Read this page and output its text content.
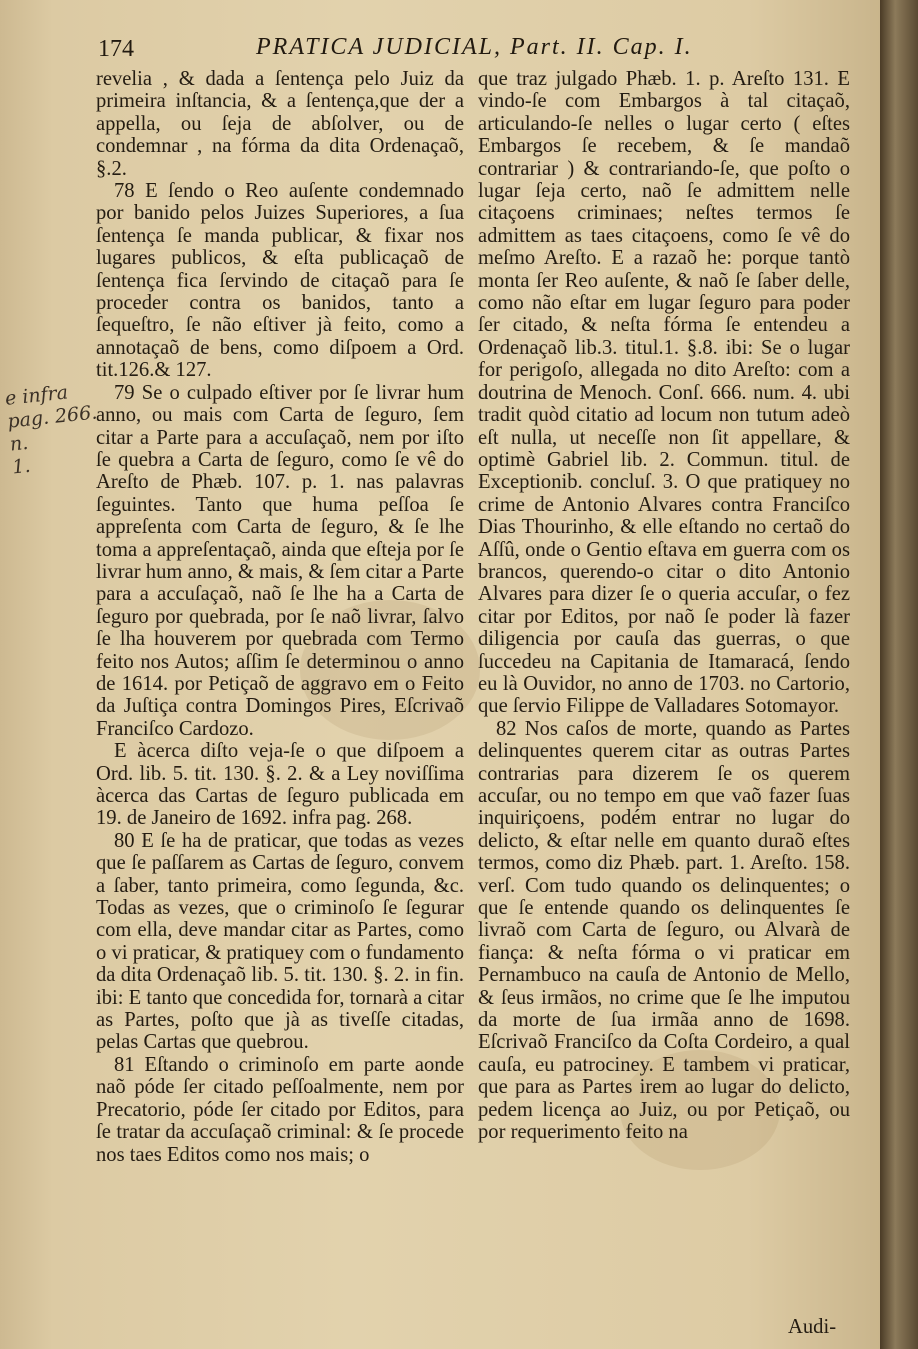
174	PRATICA JUDICIAL, Part. II. Cap. I.
e infra
pag. 266. n.
1.

revelia , & dada a ſentença pelo Juiz da primeira inſtancia, & a ſentença,que der a appella, ou ſeja de abſolver, ou de condemnar , na fórma da dita Ordenaçaõ, §.2.

78 E ſendo o Reo auſente condemnado por banido pelos Juizes Superiores, a ſua ſentença ſe manda publicar, & fixar nos lugares publicos, & eſta publicaçaõ de ſentença fica ſervindo de citaçaõ para ſe proceder contra os banidos, tanto a ſequeſtro, ſe não eſtiver jà feito, como a annotaçaõ de bens, como diſpoem a Ord. tit.126.& 127.

79 Se o culpado eſtiver por ſe livrar hum anno, ou mais com Carta de ſeguro, ſem citar a Parte para a accuſaçaõ, nem por iſto ſe quebra a Carta de ſeguro, como ſe vê do Areſto de Phæb. 107. p. 1. nas palavras ſeguintes. Tanto que huma peſſoa ſe appreſenta com Carta de ſeguro, & ſe lhe toma a appreſentaçaõ, ainda que eſteja por ſe livrar hum anno, & mais, & ſem citar a Parte para a accuſaçaõ, naõ ſe lhe ha a Carta de ſeguro por quebrada, por ſe naõ livrar, ſalvo ſe lha houverem por quebrada com Termo feito nos Autos; aſſim ſe determinou o anno de 1614. por Petiçaõ de aggravo em o Feito da Juſtiça contra Domingos Pires, Eſcrivaõ Franciſco Cardozo.

E àcerca diſto veja-ſe o que diſpoem a Ord. lib. 5. tit. 130. §. 2. & a Ley noviſſima àcerca das Cartas de ſeguro publicada em 19. de Janeiro de 1692. infra pag. 268.

80 E ſe ha de praticar, que todas as vezes que ſe paſſarem as Cartas de ſeguro, convem a ſaber, tanto primeira, como ſegunda, &c. Todas as vezes, que o criminoſo ſe ſegurar com ella, deve mandar citar as Partes, como o vi praticar, & pratiquey com o fundamento da dita Ordenaçaõ lib. 5. tit. 130. §. 2. in fin. ibi: E tanto que concedida for, tornarà a citar as Partes, poſto que jà as tiveſſe citadas, pelas Cartas que quebrou.

81 Eſtando o criminoſo em parte aonde naõ póde ſer citado peſſoalmente, nem por Precatorio, póde ſer citado por Editos, para ſe tratar da accuſaçaõ criminal: & ſe procede nos taes Editos como nos mais; o

que traz julgado Phæb. 1. p. Areſto 131. E vindo-ſe com Embargos à tal citaçaõ, articulando-ſe nelles o lugar certo ( eſtes Embargos ſe recebem, & ſe mandaõ contrariar ) & contrariando-ſe, que poſto o lugar ſeja certo, naõ ſe admittem nelle citaçoens criminaes; neſtes termos ſe admittem as taes citaçoens, como ſe vê do meſmo Areſto. E a razaõ he: porque tantò monta ſer Reo auſente, & naõ ſe ſaber delle, como não eſtar em lugar ſeguro para poder ſer citado, & neſta fórma ſe entendeu a Ordenaçaõ lib.3. titul.1. §.8. ibi: Se o lugar for perigoſo, allegada no dito Areſto: com a doutrina de Menoch. Conſ. 666. num. 4. ubi tradit quòd citatio ad locum non tutum adeò eſt nulla, ut neceſſe non ſit appellare, & optimè Gabriel lib. 2. Commun. titul. de Exceptionib. concluſ. 3. O que pratiquey no crime de Antonio Alvares contra Franciſco Dias Thourinho, & elle eſtando no certaõ do Aſſû, onde o Gentio eſtava em guerra com os brancos, querendo-o citar o dito Antonio Alvares para dizer ſe o queria accuſar, o fez citar por Editos, por naõ ſe poder là fazer diligencia por cauſa das guerras, o que ſuccedeu na Capitania de Itamaracá, ſendo eu là Ouvidor, no anno de 1703. no Cartorio, que ſervio Filippe de Valladares Sotomayor.

82 Nos caſos de morte, quando as Partes delinquentes querem citar as outras Partes contrarias para dizerem ſe os querem accuſar, ou no tempo em que vaõ fazer ſuas inquiriçoens, podém entrar no lugar do delicto, & eſtar nelle em quanto duraõ eſtes termos, como diz Phæb. part. 1. Areſto. 158. verſ. Com tudo quando os delinquentes; o que ſe entende quando os delinquentes ſe livraõ com Carta de ſeguro, ou Alvarà de fiança: & neſta fórma o vi praticar em Pernambuco na cauſa de Antonio de Mello, & ſeus irmãos, no crime que ſe lhe imputou da morte de ſua irmãa anno de 1698. Eſcrivaõ Franciſco da Coſta Cordeiro, a qual cauſa, eu patrociney. E tambem vi praticar, que para as Partes irem ao lugar do delicto, pedem licença ao Juiz, ou por Petiçaõ, ou por requerimento feito na

Audi-
